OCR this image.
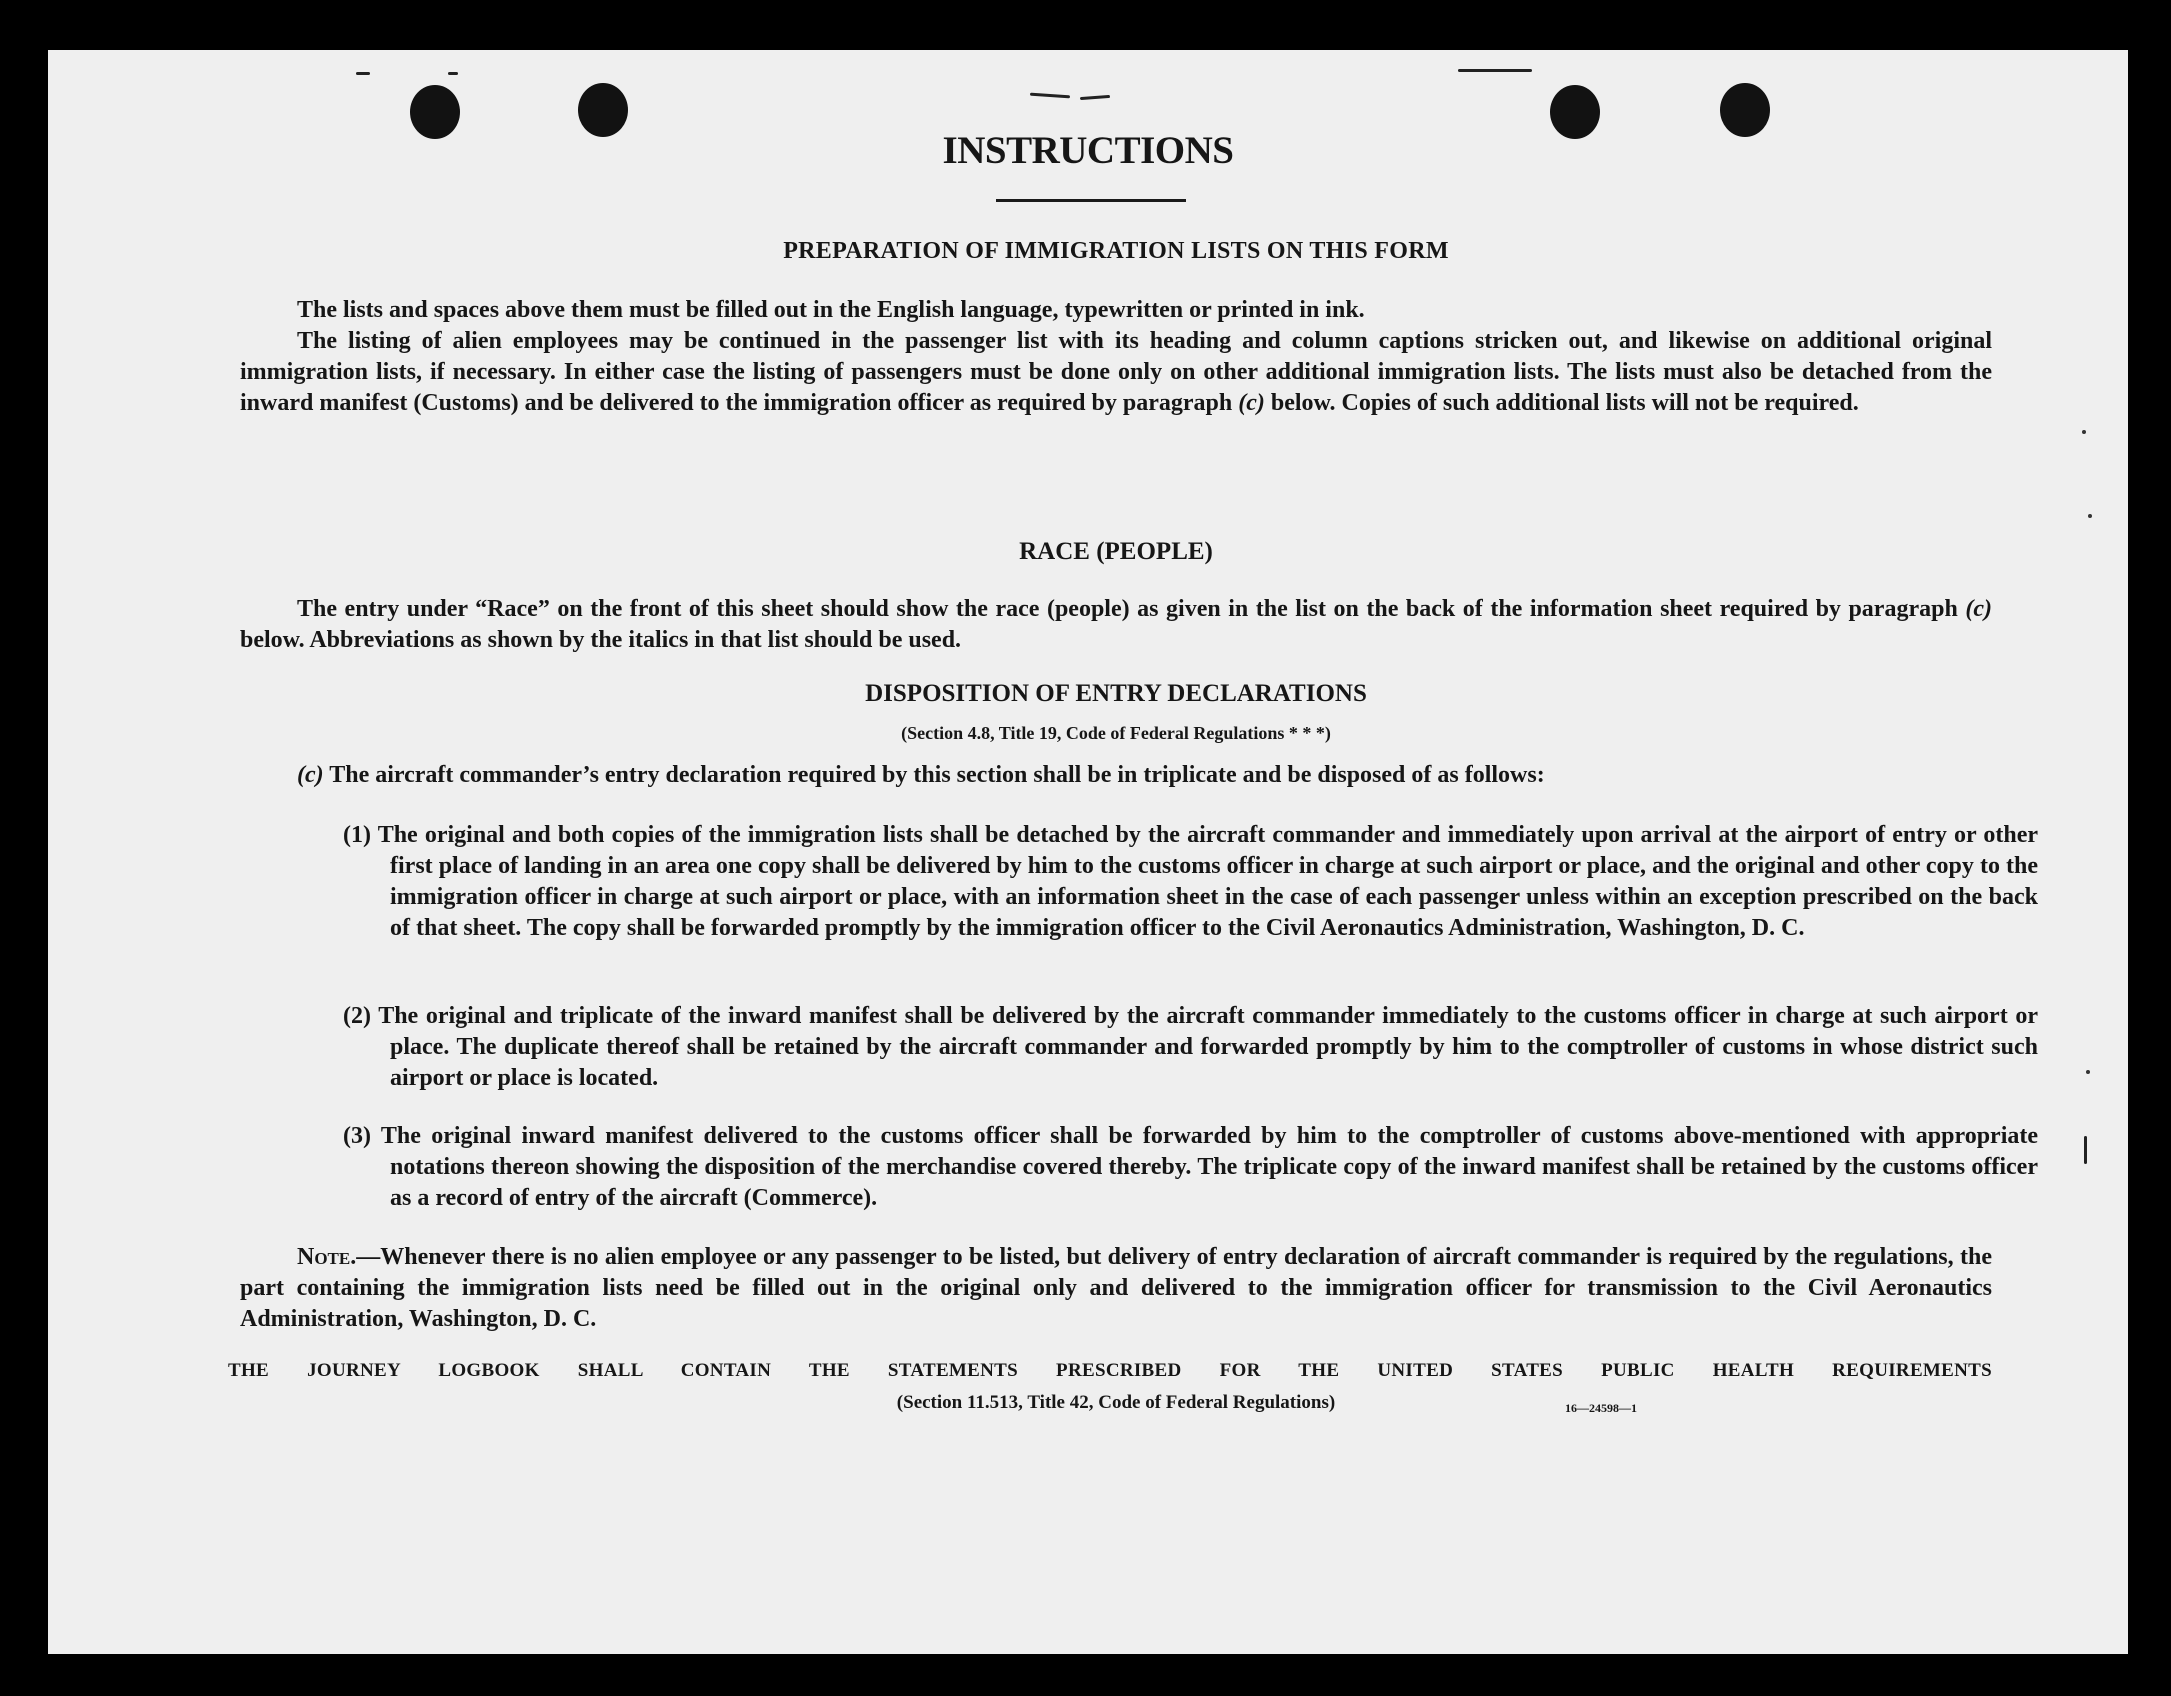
INSTRUCTIONS
PREPARATION OF IMMIGRATION LISTS ON THIS FORM

The lists and spaces above them must be filled out in the English language, typewritten or printed in ink.

The listing of alien employees may be continued in the passenger list with its heading and column captions stricken out, and likewise on additional original immigration lists, if necessary. In either case the listing of passengers must be done only on other additional immigration lists. The lists must also be detached from the inward manifest (Customs) and be delivered to the immigration officer as required by paragraph (c) below. Copies of such additional lists will not be required.

RACE (PEOPLE)

The entry under “Race” on the front of this sheet should show the race (people) as given in the list on the back of the information sheet required by paragraph (c) below. Abbreviations as shown by the italics in that list should be used.

DISPOSITION OF ENTRY DECLARATIONS

(Section 4.8, Title 19, Code of Federal Regulations * * *)

(c) The aircraft commander’s entry declaration required by this section shall be in triplicate and be disposed of as follows:

(1) The original and both copies of the immigration lists shall be detached by the aircraft commander and immediately upon arrival at the airport of entry or other first place of landing in an area one copy shall be delivered by him to the customs officer in charge at such airport or place, and the original and other copy to the immigration officer in charge at such airport or place, with an information sheet in the case of each passenger unless within an exception prescribed on the back of that sheet. The copy shall be forwarded promptly by the immigration officer to the Civil Aeronautics Administration, Washington, D. C.

(2) The original and triplicate of the inward manifest shall be delivered by the aircraft commander immediately to the customs officer in charge at such airport or place. The duplicate thereof shall be retained by the aircraft commander and forwarded promptly by him to the comptroller of customs in whose district such airport or place is located.

(3) The original inward manifest delivered to the customs officer shall be forwarded by him to the comptroller of customs above-mentioned with appropriate notations thereon showing the disposition of the merchandise covered thereby. The triplicate copy of the inward manifest shall be retained by the customs officer as a record of entry of the aircraft (Commerce).

Note.—Whenever there is no alien employee or any passenger to be listed, but delivery of entry declaration of aircraft commander is required by the regulations, the part containing the immigration lists need be filled out in the original only and delivered to the immigration officer for transmission to the Civil Aeronautics Administration, Washington, D. C.

THE JOURNEY LOGBOOK SHALL CONTAIN THE STATEMENTS PRESCRIBED FOR THE UNITED STATES PUBLIC HEALTH REQUIREMENTS

(Section 11.513, Title 42, Code of Federal Regulations)	16—24598—1
